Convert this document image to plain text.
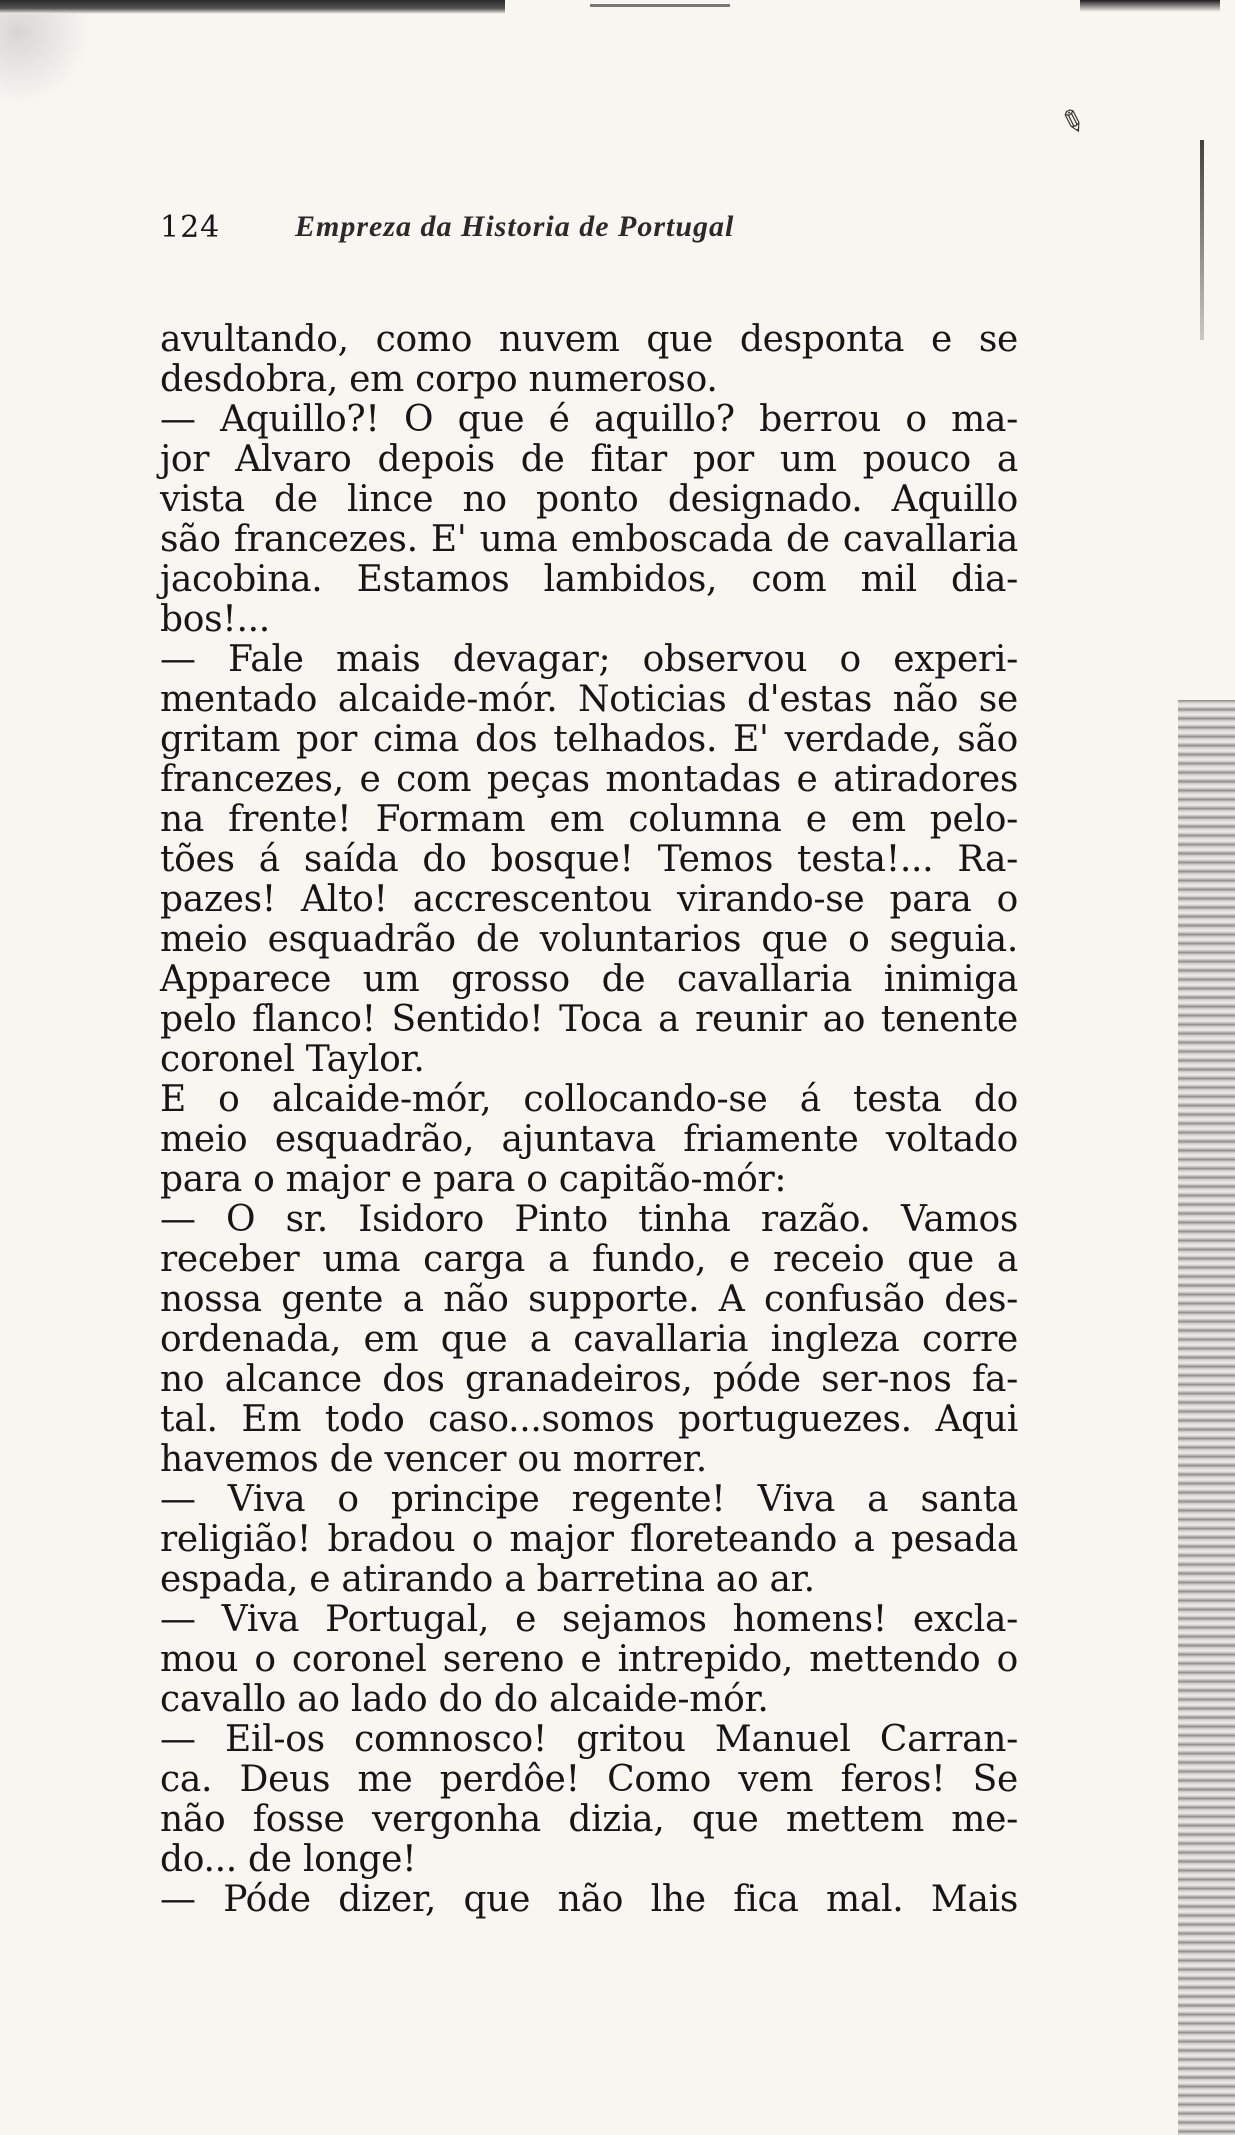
✎
124 Empreza da Historia de Portugal
avultando, como nuvem que desponta e se
desdobra, em corpo numeroso.
— Aquillo?! O que é aquillo? berrou o ma-
jor Alvaro depois de fitar por um pouco a
vista de lince no ponto designado. Aquillo
são francezes. E' uma emboscada de cavallaria
jacobina. Estamos lambidos, com mil dia-
bos!...
— Fale mais devagar; observou o experi-
mentado alcaide-mór. Noticias d'estas não se
gritam por cima dos telhados. E' verdade, são
francezes, e com peças montadas e atiradores
na frente! Formam em columna e em pelo-
tões á saída do bosque! Temos testa!... Ra-
pazes! Alto! accrescentou virando-se para o
meio esquadrão de voluntarios que o seguia.
Apparece um grosso de cavallaria inimiga
pelo flanco! Sentido! Toca a reunir ao tenente
coronel Taylor.
E o alcaide-mór, collocando-se á testa do
meio esquadrão, ajuntava friamente voltado
para o major e para o capitão-mór:
— O sr. Isidoro Pinto tinha razão. Vamos
receber uma carga a fundo, e receio que a
nossa gente a não supporte. A confusão des-
ordenada, em que a cavallaria ingleza corre
no alcance dos granadeiros, póde ser-nos fa-
tal. Em todo caso...somos portuguezes. Aqui
havemos de vencer ou morrer.
— Viva o principe regente! Viva a santa
religião! bradou o major floreteando a pesada
espada, e atirando a barretina ao ar.
— Viva Portugal, e sejamos homens! excla-
mou o coronel sereno e intrepido, mettendo o
cavallo ao lado do do alcaide-mór.
— Eil-os comnosco! gritou Manuel Carran-
ca. Deus me perdôe! Como vem feros! Se
não fosse vergonha dizia, que mettem me-
do... de longe!
— Póde dizer, que não lhe fica mal. Mais
